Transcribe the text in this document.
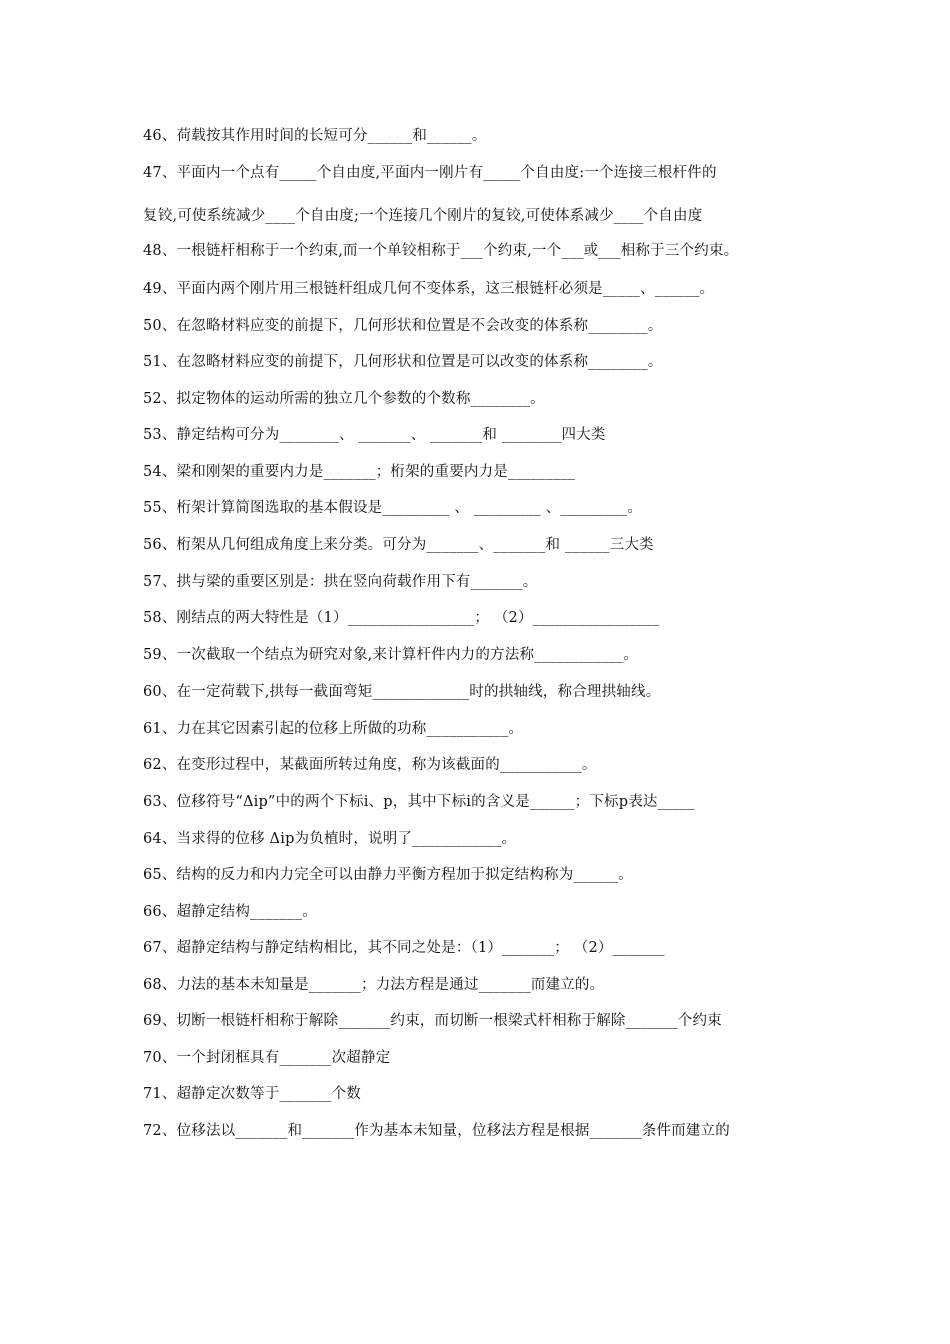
46、荷载按其作用时间的长短可分______和______。
47、平面内一个点有_____个自由度,平面内一刚片有_____个自由度:一个连接三根杆件的
复铰,可使系统减少____个自由度;一个连接几个刚片的复铰,可使体系减少____个自由度
48、一根链杆相称于一个约束,而一个单铰相称于___个约束,一个___或___相称于三个约束。
49、平面内两个刚片用三根链杆组成几何不变体系，这三根链杆必须是_____、______。
50、在忽略材料应变的前提下，几何形状和位置是不会改变的体系称________。
51、在忽略材料应变的前提下，几何形状和位置是可以改变的体系称________。
52、拟定物体的运动所需的独立几个参数的个数称________。
53、静定结构可分为________、 _______、 _______和 ________四大类
54、梁和刚架的重要内力是_______；桁架的重要内力是_________
55、桁架计算简图选取的基本假设是_________ 、 _________ 、_________。
56、桁架从几何组成角度上来分类。可分为_______、_______和 ______三大类
57、拱与梁的重要区别是：拱在竖向荷载作用下有_______。
58、刚结点的两大特性是（1）_________________； （2）_________________
59、一次截取一个结点为研究对象,来计算杆件内力的方法称____________。
60、在一定荷载下,拱每一截面弯矩_____________时的拱轴线，称合理拱轴线。
61、力在其它因素引起的位移上所做的功称___________。
62、在变形过程中，某截面所转过角度，称为该截面的___________。
63、位移符号“Δip”中的两个下标i、p，其中下标i的含义是______；下标p表达_____
64、当求得的位移 Δip为负植时，说明了____________。
65、结构的反力和内力完全可以由静力平衡方程加于拟定结构称为______。
66、超静定结构_______。
67、超静定结构与静定结构相比，其不同之处是：（1）_______； （2）_______
68、力法的基本未知量是_______；力法方程是通过_______而建立的。
69、切断一根链杆相称于解除_______约束，而切断一根梁式杆相称于解除_______个约束
70、一个封闭框具有_______次超静定
71、超静定次数等于_______个数
72、位移法以_______和_______作为基本未知量，位移法方程是根据_______条件而建立的
